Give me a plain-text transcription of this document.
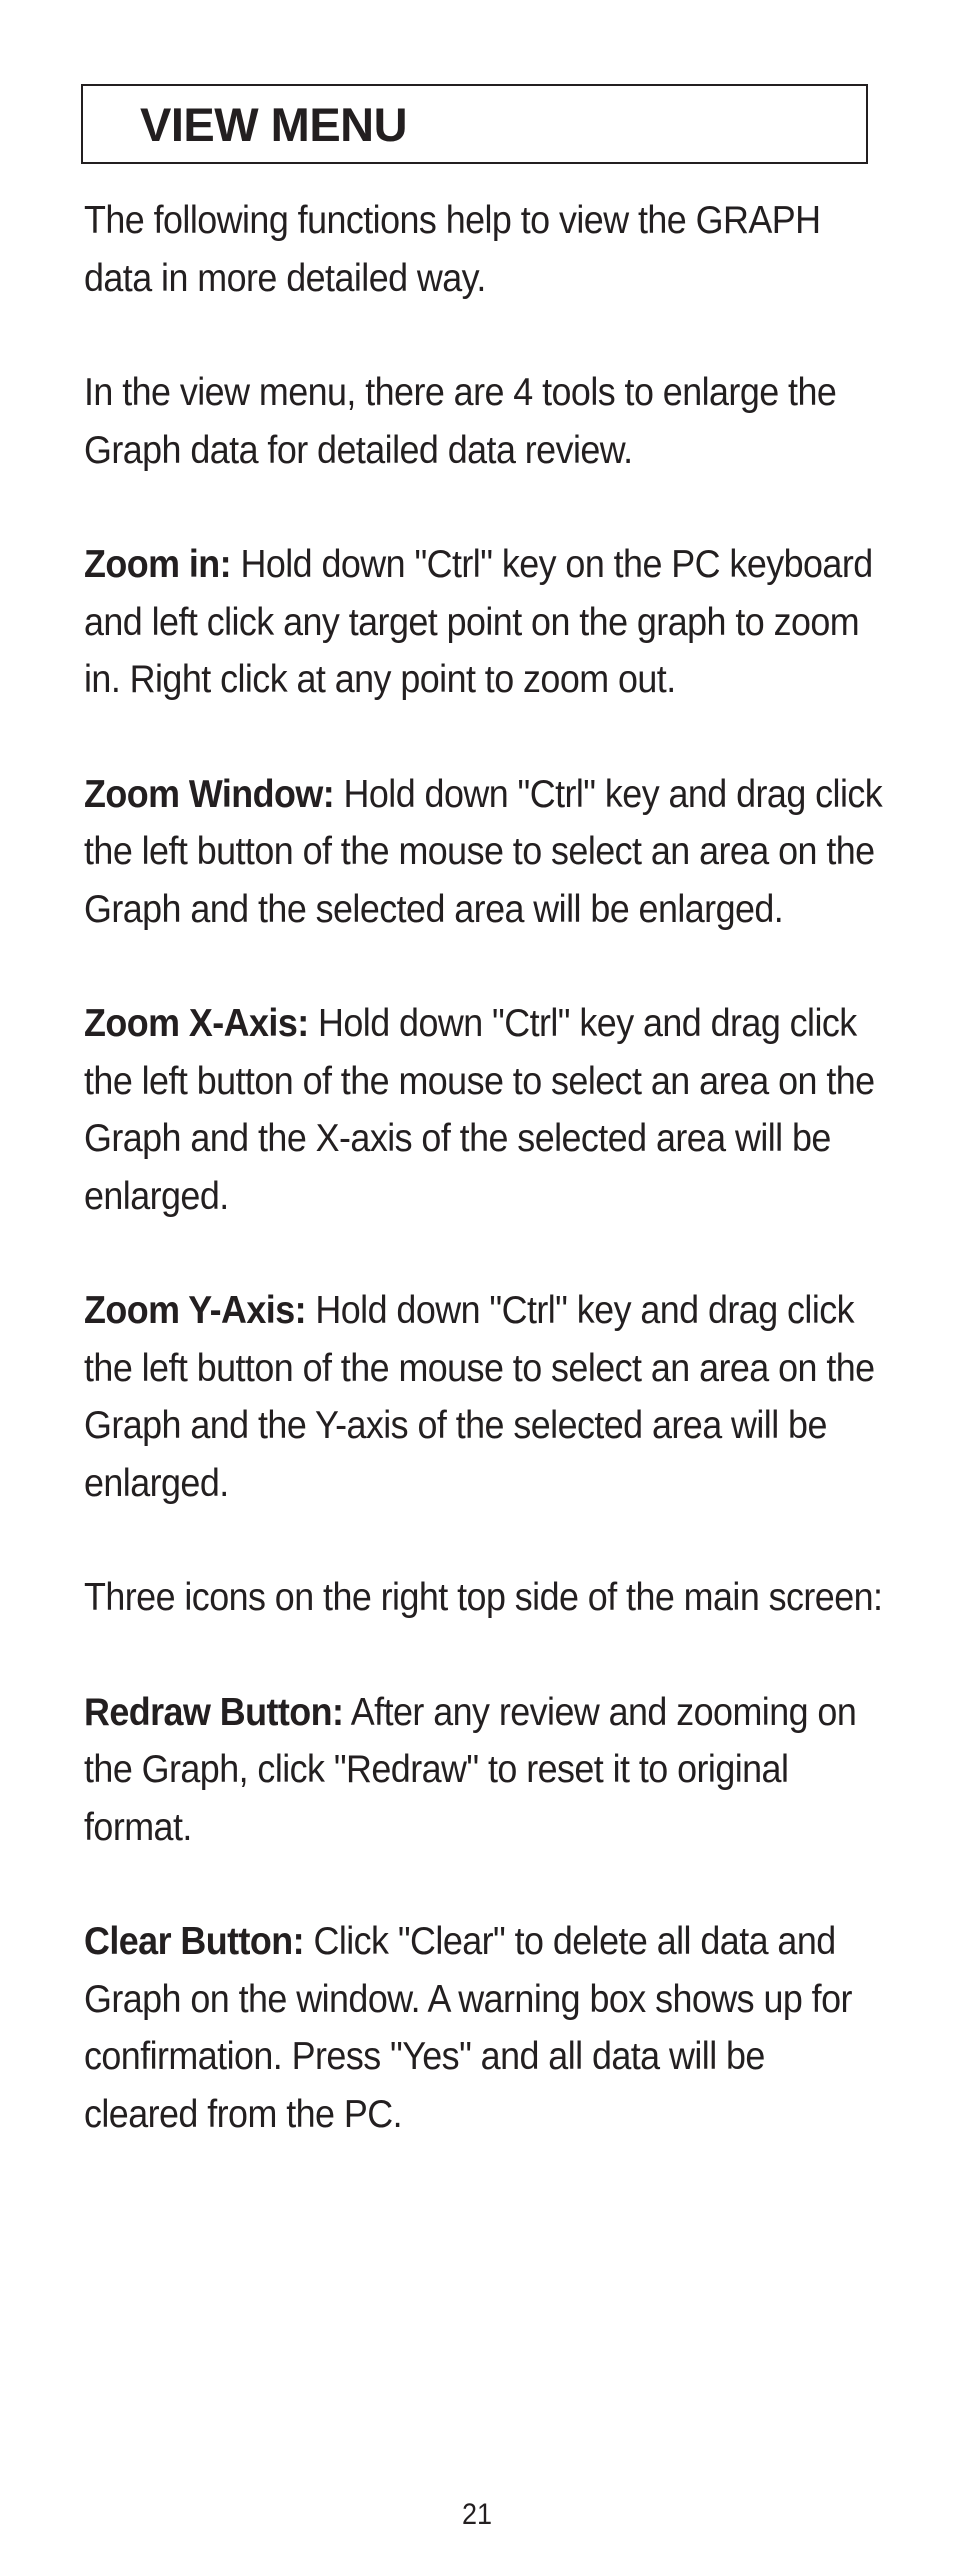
VIEW MENU

The following functions help to view the GRAPH data in more detailed way.

In the view menu, there are 4 tools to enlarge the Graph data for detailed data review.

Zoom in: Hold down "Ctrl" key on the PC keyboard and left click any target point on the graph to zoom in. Right click at any point to zoom out.

Zoom Window: Hold down "Ctrl" key and drag click the left button of the mouse to select an area on the Graph and the selected area will be enlarged.

Zoom X-Axis: Hold down "Ctrl" key and drag click the left button of the mouse to select an area on the Graph and the X-axis of the selected area will be enlarged.

Zoom Y-Axis: Hold down "Ctrl" key and drag click the left button of the mouse to select an area on the Graph and the Y-axis of the selected area will be enlarged.

Three icons on the right top side of the main screen:

Redraw Button: After any review and zooming on the Graph, click "Redraw" to reset it to original format.

Clear Button: Click "Clear" to delete all data and Graph on the window. A warning box shows up for confirmation. Press "Yes" and all data will be cleared from the PC.

21
